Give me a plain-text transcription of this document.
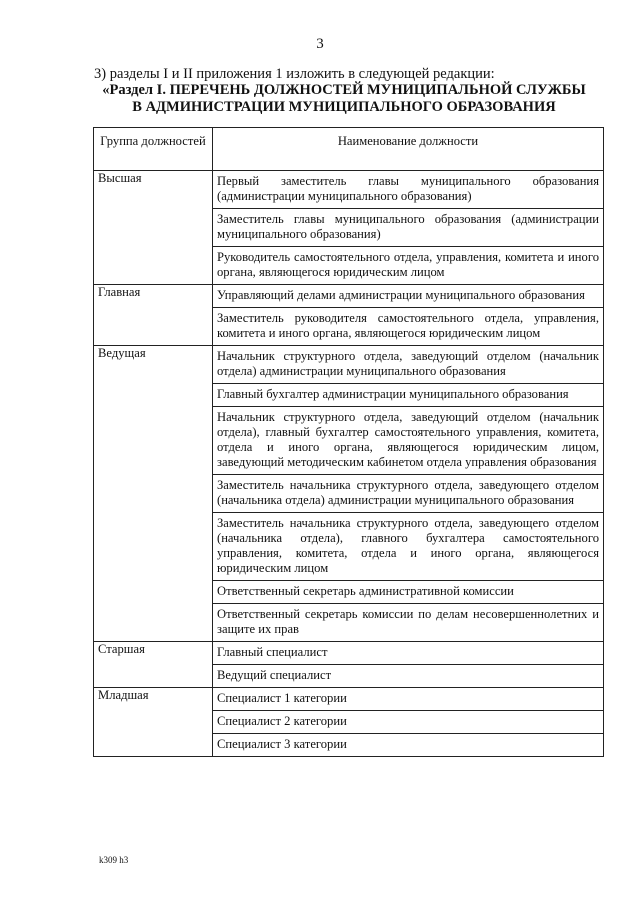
3

3) разделы I и II приложения 1 изложить в следующей редакции:

«Раздел I. ПЕРЕЧЕНЬ ДОЛЖНОСТЕЙ МУНИЦИПАЛЬНОЙ СЛУЖБЫ
В АДМИНИСТРАЦИИ МУНИЦИПАЛЬНОГО ОБРАЗОВАНИЯ
Группа должностей	Наименование должности
Высшая	Первый заместитель главы муниципального образования (администрации муниципального образования)
	Заместитель главы муниципального образования (администрации муниципального образования)
	Руководитель самостоятельного отдела, управления, комитета и иного органа, являющегося юридическим лицом
Главная	Управляющий делами администрации муниципального образования
	Заместитель руководителя самостоятельного отдела, управления, комитета и иного органа, являющегося юридическим лицом
Ведущая	Начальник структурного отдела, заведующий отделом (начальник отдела) администрации муниципального образования
	Главный бухгалтер администрации муниципального образования
	Начальник структурного отдела, заведующий отделом (начальник отдела), главный бухгалтер самостоятельного управления, комитета, отдела и иного органа, являющегося юридическим лицом, заведующий методическим кабинетом отдела управления образования
	Заместитель начальника структурного отдела, заведующего отделом (начальника отдела) администрации муниципального образования
	Заместитель начальника структурного отдела, заведующего отделом (начальника отдела), главного бухгалтера самостоятельного управления, комитета, отдела и иного органа, являющегося юридическим лицом
	Ответственный секретарь административной комиссии
	Ответственный секретарь комиссии по делам несовершеннолетних и защите их прав
Старшая	Главный специалист
	Ведущий специалист
Младшая	Специалист 1 категории
	Специалист 2 категории
	Специалист 3 категории
k309 h3
